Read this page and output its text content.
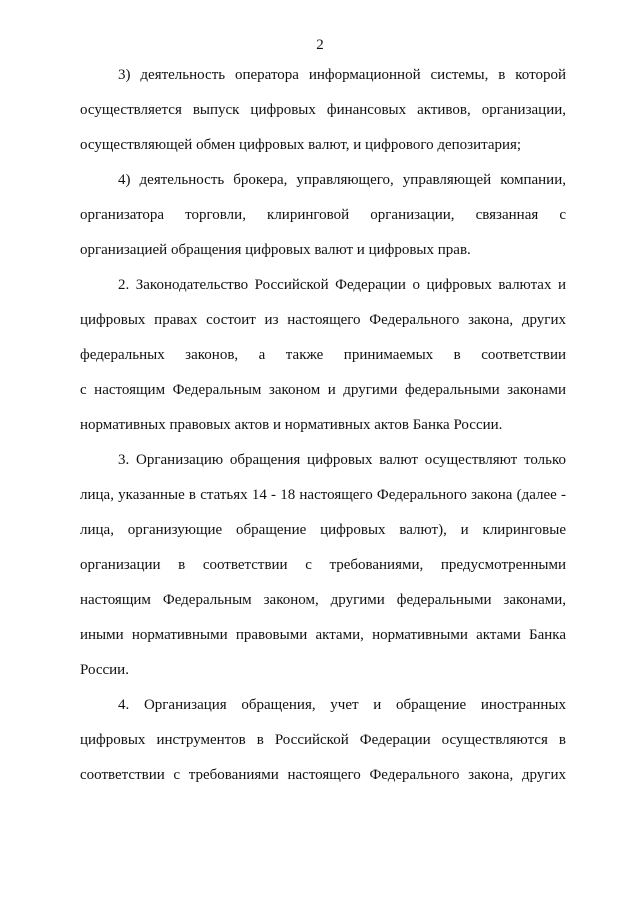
2
3) деятельность оператора информационной системы, в которой
осуществляется выпуск цифровых финансовых активов, организации,
осуществляющей обмен цифровых валют, и цифрового депозитария;
4) деятельность брокера, управляющего, управляющей компании,
организатора торговли, клиринговой организации, связанная с
организацией обращения цифровых валют и цифровых прав.
2. Законодательство Российской Федерации о цифровых валютах и
цифровых правах состоит из настоящего Федерального закона, других
федеральных законов, а также принимаемых в соответствии
с настоящим Федеральным законом и другими федеральными законами
нормативных правовых актов и нормативных актов Банка России.
3. Организацию обращения цифровых валют осуществляют только
лица, указанные в статьях 14 - 18 настоящего Федерального закона (далее -
лица, организующие обращение цифровых валют), и клиринговые
организации в соответствии с требованиями, предусмотренными
настоящим Федеральным законом, другими федеральными законами,
иными нормативными правовыми актами, нормативными актами Банка
России.
4. Организация обращения, учет и обращение иностранных
цифровых инструментов в Российской Федерации осуществляются в
соответствии с требованиями настоящего Федерального закона, других
